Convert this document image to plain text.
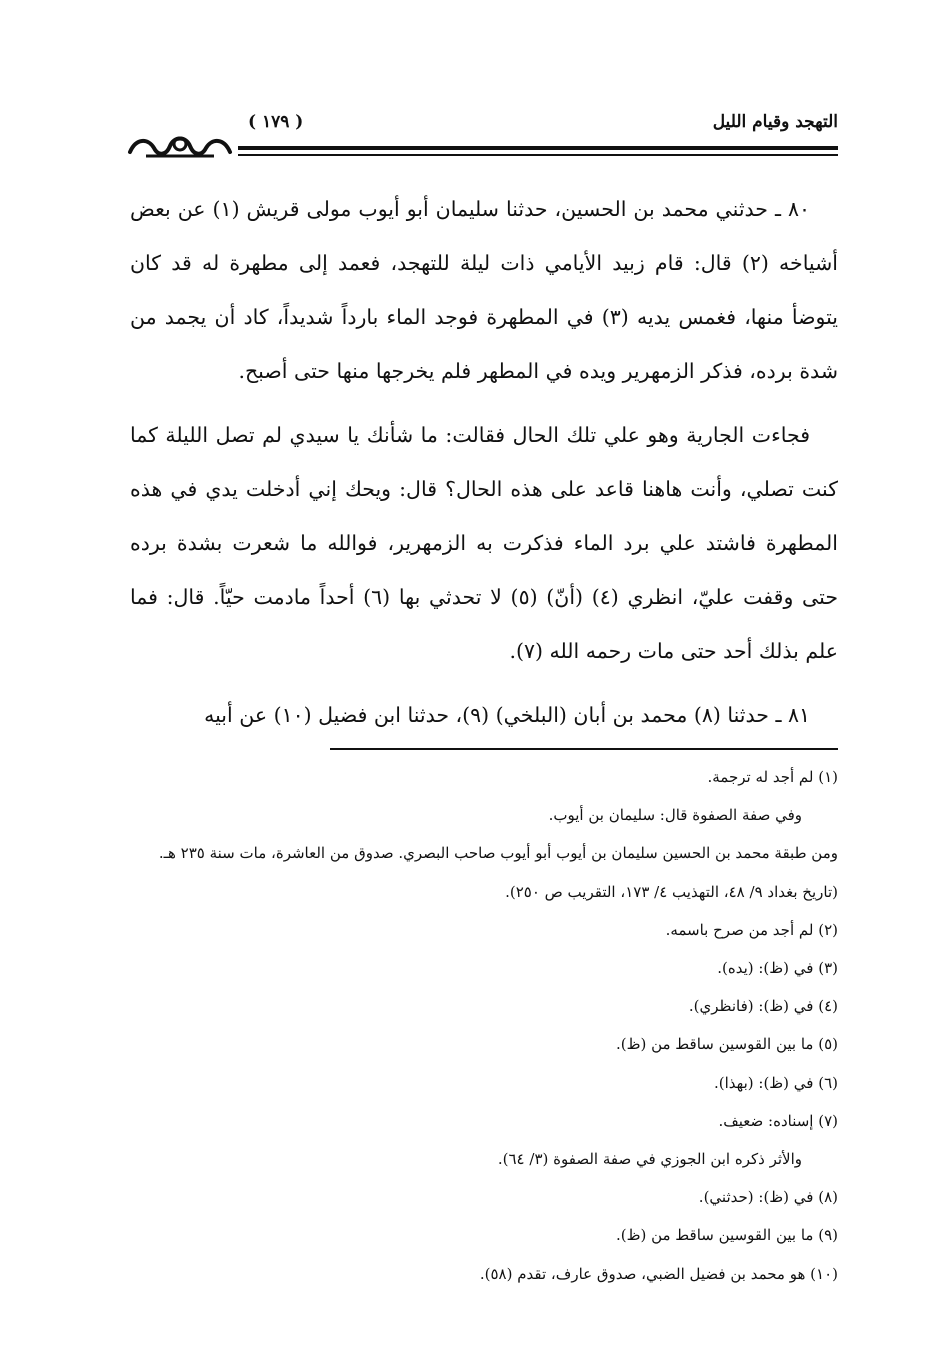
التهجد وقيام الليل
( ١٧٩ )

٨٠ ـ حدثني محمد بن الحسين، حدثنا سليمان أبو أيوب مولى قريش (١) عن بعض أشياخه (٢) قال: قام زبيد الأيامي ذات ليلة للتهجد، فعمد إلى مطهرة له قد كان يتوضأ منها، فغمس يديه (٣) في المطهرة فوجد الماء بارداً شديداً، كاد أن يجمد من شدة برده، فذكر الزمهرير ويده في المطهر فلم يخرجها منها حتى أصبح.

فجاءت الجارية وهو علي تلك الحال فقالت: ما شأنك يا سيدي لم تصل الليلة كما كنت تصلي، وأنت هاهنا قاعد على هذه الحال؟ قال: ويحك إني أدخلت يدي في هذه المطهرة فاشتد علي برد الماء فذكرت به الزمهرير، فوالله ما شعرت بشدة برده حتى وقفت عليّ، انظري (٤) (أنّ) (٥) لا تحدثي بها (٦) أحداً مادمت حيّاً. قال: فما علم بذلك أحد حتى مات رحمه الله (٧).

٨١ ـ حدثنا (٨) محمد بن أبان (البلخي) (٩)، حدثنا ابن فضيل (١٠) عن أبيه

(١) لم أجد له ترجمة.
وفي صفة الصفوة قال: سليمان بن أيوب.
ومن طبقة محمد بن الحسين سليمان بن أيوب أبو أيوب صاحب البصري. صدوق من العاشرة، مات سنة ٢٣٥ هـ. (تاريخ بغداد ٩/ ٤٨، التهذيب ٤/ ١٧٣، التقريب ص ٢٥٠).
(٢) لم أجد من صرح باسمه.
(٣) في (ظ): (يده).
(٤) في (ظ): (فانظري).
(٥) ما بين القوسين ساقط من (ظ).
(٦) في (ظ): (بهذا).
(٧) إسناده: ضعيف.
والأثر ذكره ابن الجوزي في صفة الصفوة (٣/ ٦٤).
(٨) في (ظ): (حدثني).
(٩) ما بين القوسين ساقط من (ظ).
(١٠) هو محمد بن فضيل الضبي، صدوق عارف، تقدم (٥٨).
